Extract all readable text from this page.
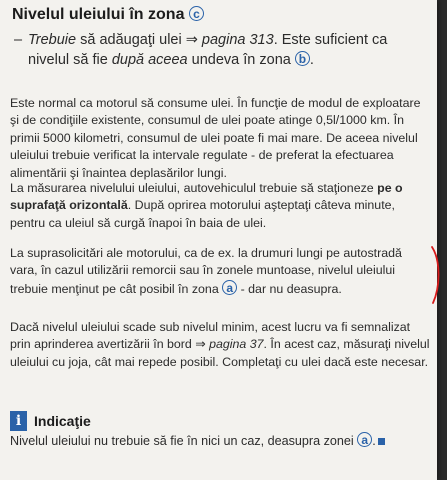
Nivelul uleiului în zona c
– Trebuie să adăugaţi ulei ⇒ pagina 313. Este suficient ca nivelul să fie după aceea undeva în zona b .
Este normal ca motorul să consume ulei. În funcţie de modul de exploatare şi de condiţiile existente, consumul de ulei poate atinge 0,5l/1000 km. În primii 5000 kilometri, consumul de ulei poate fi mai mare. De aceea nivelul uleiului trebuie verificat la intervale regulate - de preferat la efectuarea alimentării şi înaintea deplasărilor lungi.
La măsurarea nivelului uleiului, autovehiculul trebuie să staţioneze pe o suprafaţă orizontală. După oprirea motorului aşteptaţi câteva minute, pentru ca uleiul să curgă înapoi în baia de ulei.
La suprasolicitări ale motorului, ca de ex. la drumuri lungi pe autostradă vara, în cazul utilizării remorcii sau în zonele muntoase, nivelul uleiului trebuie menţinut pe cât posibil în zona a - dar nu deasupra.
Dacă nivelul uleiului scade sub nivelul minim, acest lucru va fi semnalizat prin aprinderea avertizării în bord ⇒ pagina 37. În acest caz, măsuraţi nivelul uleiului cu joja, cât mai repede posibil. Completaţi cu ulei dacă este necesar.
i Indicaţie
Nivelul uleiului nu trebuie să fie în nici un caz, deasupra zonei a .
